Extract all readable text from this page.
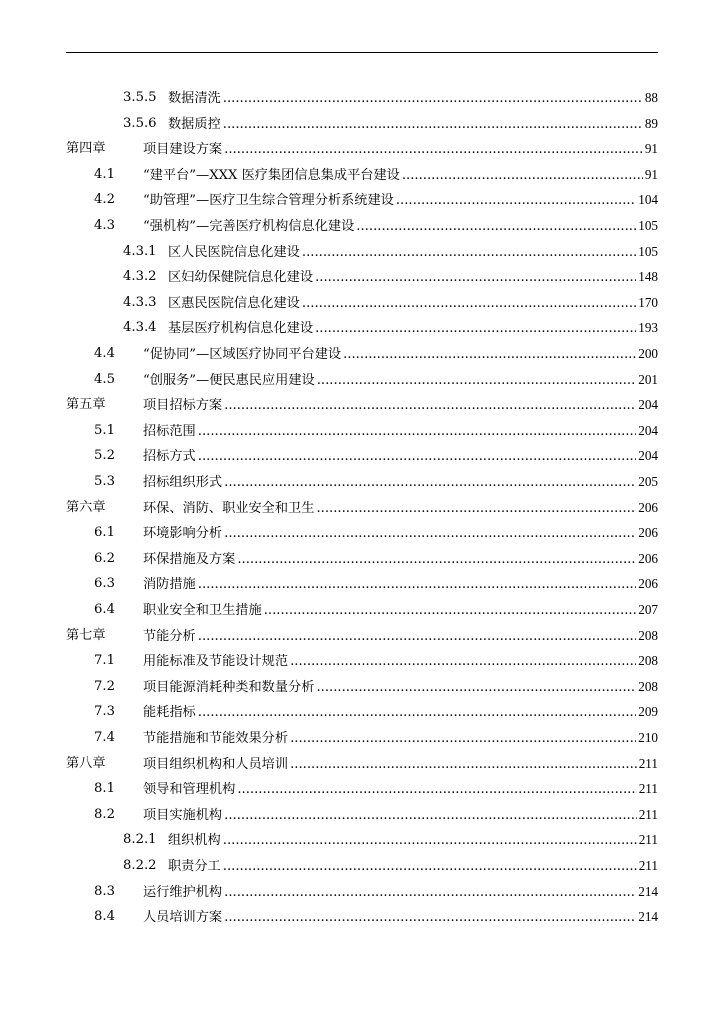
3.5.5 数据清洗 .....	88
3.5.6 数据质控 .....	89
第四章	项目建设方案 .....	91
4.1 “建平台”—XXX 医疗集团信息集成平台建设 .....	91
4.2 “助管理”—医疗卫生综合管理分析系统建设 .....	104
4.3 “强机构”—完善医疗机构信息化建设 .....	105
4.3.1 区人民医院信息化建设 .....	105
4.3.2 区妇幼保健院信息化建设 .....	148
4.3.3 区惠民医院信息化建设 .....	170
4.3.4 基层医疗机构信息化建设 .....	193
4.4 “促协同”—区域医疗协同平台建设 .....	200
4.5 “创服务”—便民惠民应用建设 .....	201
第五章	项目招标方案 .....	204
5.1 招标范围 .....	204
5.2 招标方式 .....	204
5.3 招标组织形式 .....	205
第六章	环保、消防、职业安全和卫生 .....	206
6.1 环境影响分析 .....	206
6.2 环保措施及方案 .....	206
6.3 消防措施 .....	206
6.4 职业安全和卫生措施 .....	207
第七章	节能分析 .....	208
7.1 用能标准及节能设计规范 .....	208
7.2 项目能源消耗种类和数量分析 .....	208
7.3 能耗指标 .....	209
7.4 节能措施和节能效果分析 .....	210
第八章	项目组织机构和人员培训 .....	211
8.1 领导和管理机构 .....	211
8.2 项目实施机构 .....	211
8.2.1 组织机构 .....	211
8.2.2 职责分工 .....	211
8.3 运行维护机构 .....	214
8.4 人员培训方案 .....	214
